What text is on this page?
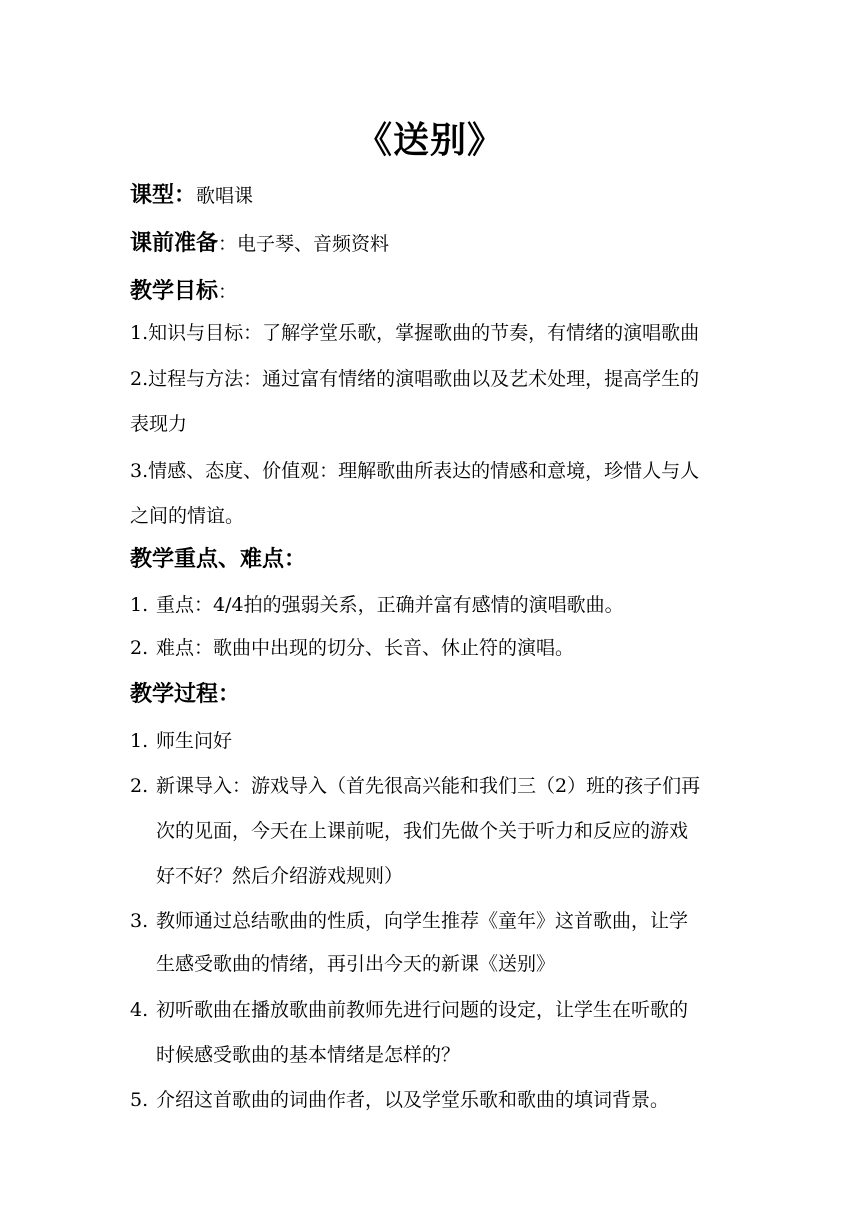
《送别》
课型：歌唱课
课前准备：电子琴、音频资料
教学目标：
1.知识与目标：了解学堂乐歌，掌握歌曲的节奏，有情绪的演唱歌曲
2.过程与方法：通过富有情绪的演唱歌曲以及艺术处理，提高学生的
表现力
3.情感、态度、价值观：理解歌曲所表达的情感和意境，珍惜人与人
之间的情谊。
教学重点、难点：
1. 重点：4/4拍的强弱关系，正确并富有感情的演唱歌曲。
2. 难点：歌曲中出现的切分、长音、休止符的演唱。
教学过程：
1. 师生问好
2. 新课导入：游戏导入（首先很高兴能和我们三（2）班的孩子们再
次的见面，今天在上课前呢，我们先做个关于听力和反应的游戏
好不好？然后介绍游戏规则）
3. 教师通过总结歌曲的性质，向学生推荐《童年》这首歌曲，让学
生感受歌曲的情绪，再引出今天的新课《送别》
4. 初听歌曲在播放歌曲前教师先进行问题的设定，让学生在听歌的
时候感受歌曲的基本情绪是怎样的？
5. 介绍这首歌曲的词曲作者，以及学堂乐歌和歌曲的填词背景。
